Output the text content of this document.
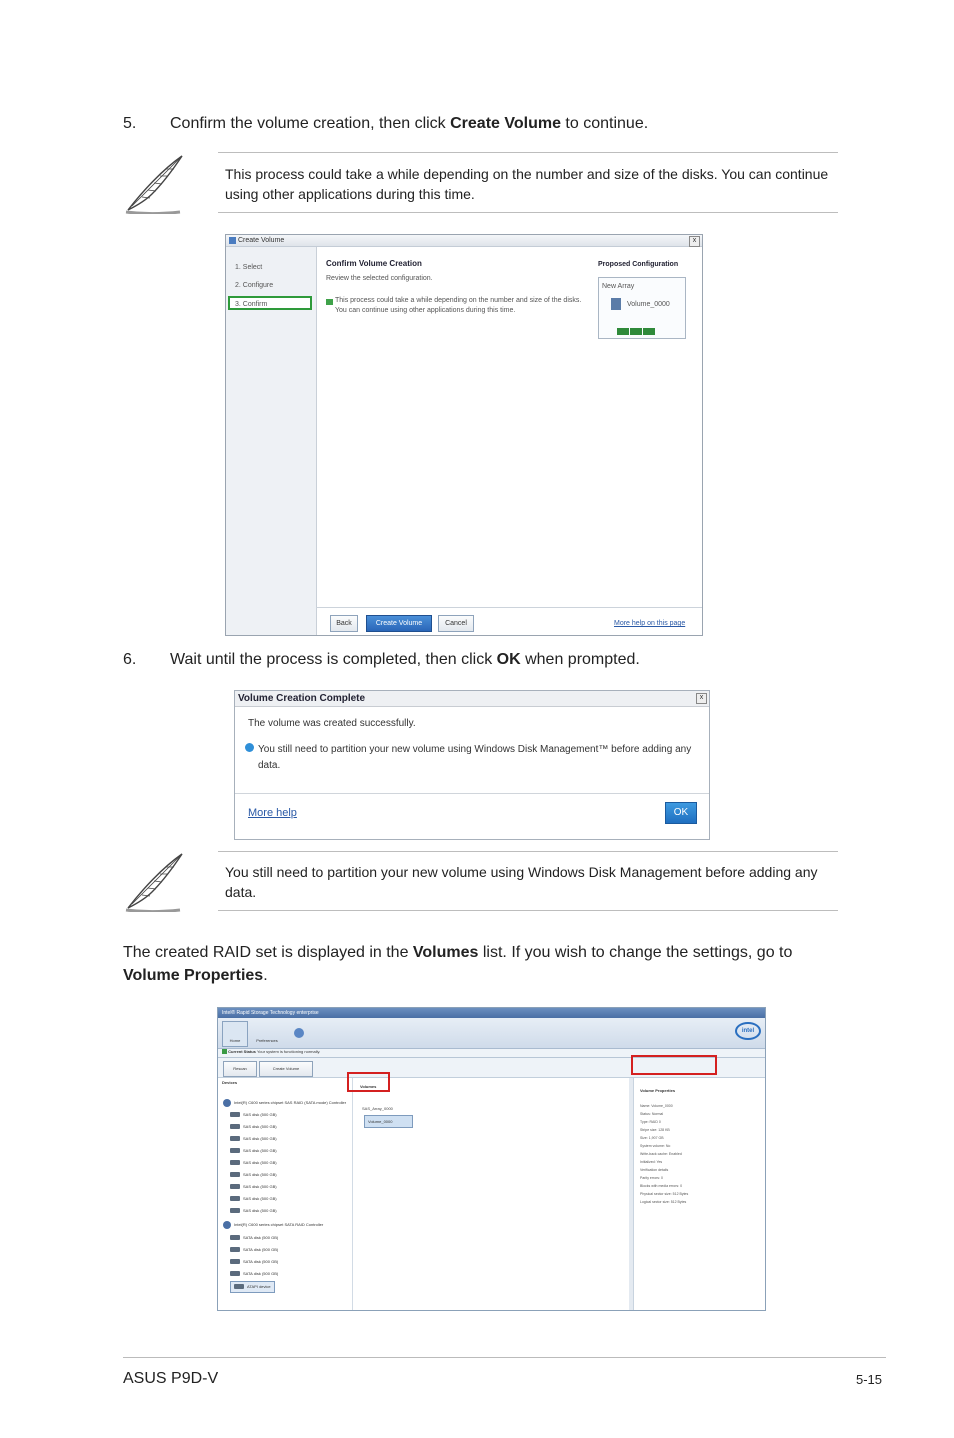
5. Confirm the volume creation, then click Create Volume to continue.
This process could take a while depending on the number and size of the disks. You can continue using other applications during this time.
Create Volume	x
1. Select
2. Configure
3. Confirm
Confirm Volume Creation
Review the selected configuration.
This process could take a while depending on the number and size of the disks. You can continue using other applications during this time.
Proposed Configuration
New Array
Volume_0000
Back	Create Volume	Cancel	More help on this page
6. Wait until the process is completed, then click OK when prompted.
Volume Creation Complete	x
The volume was created successfully.
You still need to partition your new volume using Windows Disk Management™ before adding any data.
More help	OK
You still need to partition your new volume using Windows Disk Management before adding any data.
The created RAID set is displayed in the Volumes list. If you wish to change the settings, go to Volume Properties.
Intel® Rapid Storage Technology enterprise
Home	Preferences
intel
Current Status Your system is functioning normally.
Rescan	Create Volume
Devices
Intel(R) C600 series chipset SAS RAID (SATA mode) Controller
SAS disk (500 GB)
SAS disk (500 GB)
SAS disk (500 GB)
SAS disk (500 GB)
SAS disk (500 GB)
SAS disk (500 GB)
SAS disk (500 GB)
SAS disk (500 GB)
SAS disk (500 GB)
Intel(R) C600 series chipset SATA RAID Controller
SATA disk (500 GB)
SATA disk (500 GB)
SATA disk (500 GB)
SATA disk (500 GB)
ATAPI device
Volumes
SAS_Array_0000
Volume_0000
Volume Properties
Name: Volume_0000
Status: Normal
Type: RAID 0
Stripe size: 128 KB
Size: 1,907 GB
System volume: No
Write-back cache: Enabled
Initialized: Yes
Verification details
Parity errors: 0
Blocks with media errors: 0
Physical sector size: 512 Bytes
Logical sector size: 512 Bytes
ASUS P9D-V	5-15
